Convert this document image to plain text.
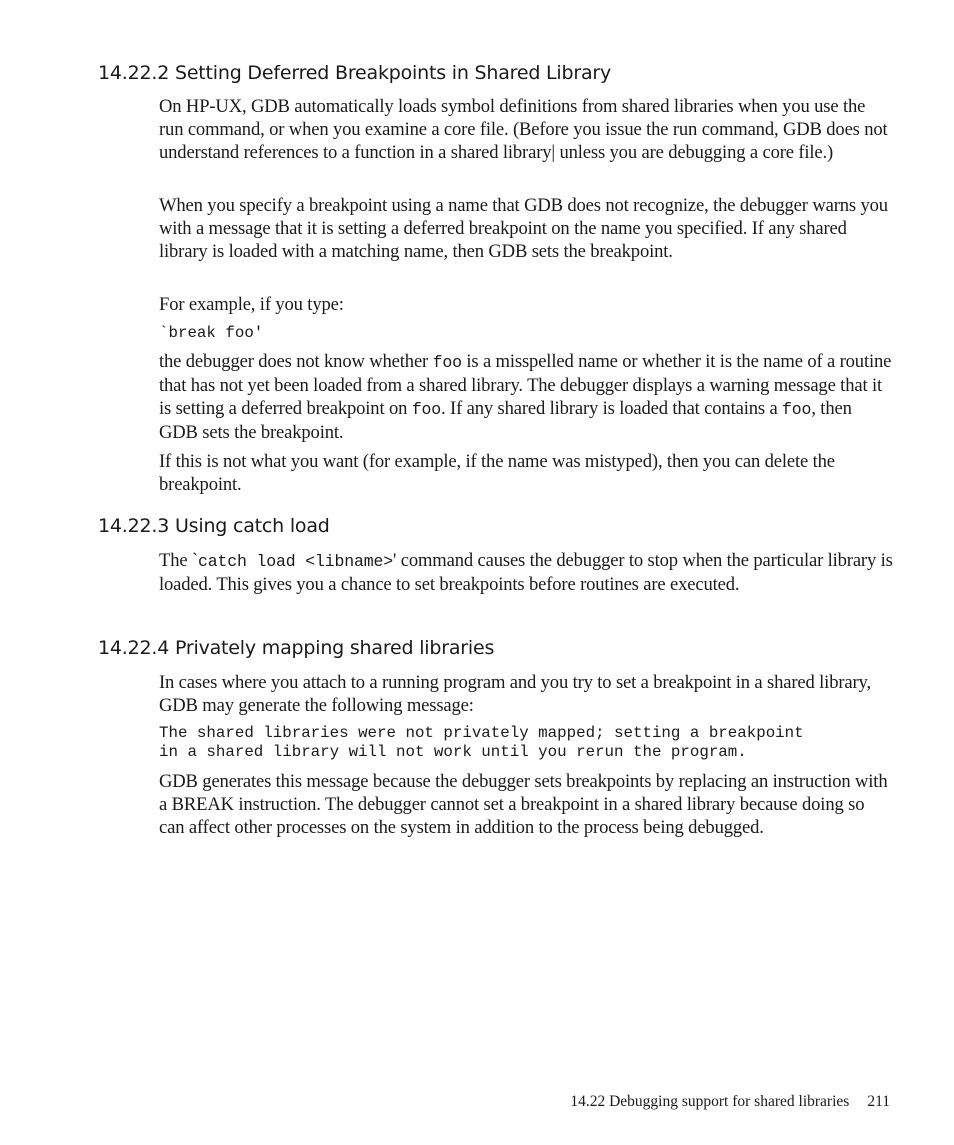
14.22.2 Setting Deferred Breakpoints in Shared Library

On HP-UX, GDB automatically loads symbol definitions from shared libraries when you use the run command, or when you examine a core file. (Before you issue the run command, GDB does not understand references to a function in a shared library| unless you are debugging a core file.)

When you specify a breakpoint using a name that GDB does not recognize, the debugger warns you with a message that it is setting a deferred breakpoint on the name you specified. If any shared library is loaded with a matching name, then GDB sets the breakpoint.

For example, if you type:

`break foo'

the debugger does not know whether foo is a misspelled name or whether it is the name of a routine that has not yet been loaded from a shared library. The debugger displays a warning message that it is setting a deferred breakpoint on foo. If any shared library is loaded that contains a foo, then GDB sets the breakpoint.

If this is not what you want (for example, if the name was mistyped), then you can delete the breakpoint.

14.22.3 Using catch load

The `catch load <libname>' command causes the debugger to stop when the particular library is loaded. This gives you a chance to set breakpoints before routines are executed.

14.22.4 Privately mapping shared libraries

In cases where you attach to a running program and you try to set a breakpoint in a shared library, GDB may generate the following message:

The shared libraries were not privately mapped; setting a breakpoint
in a shared library will not work until you rerun the program.

GDB generates this message because the debugger sets breakpoints by replacing an instruction with a BREAK instruction. The debugger cannot set a breakpoint in a shared library because doing so can affect other processes on the system in addition to the process being debugged.

14.22 Debugging support for shared libraries 211
